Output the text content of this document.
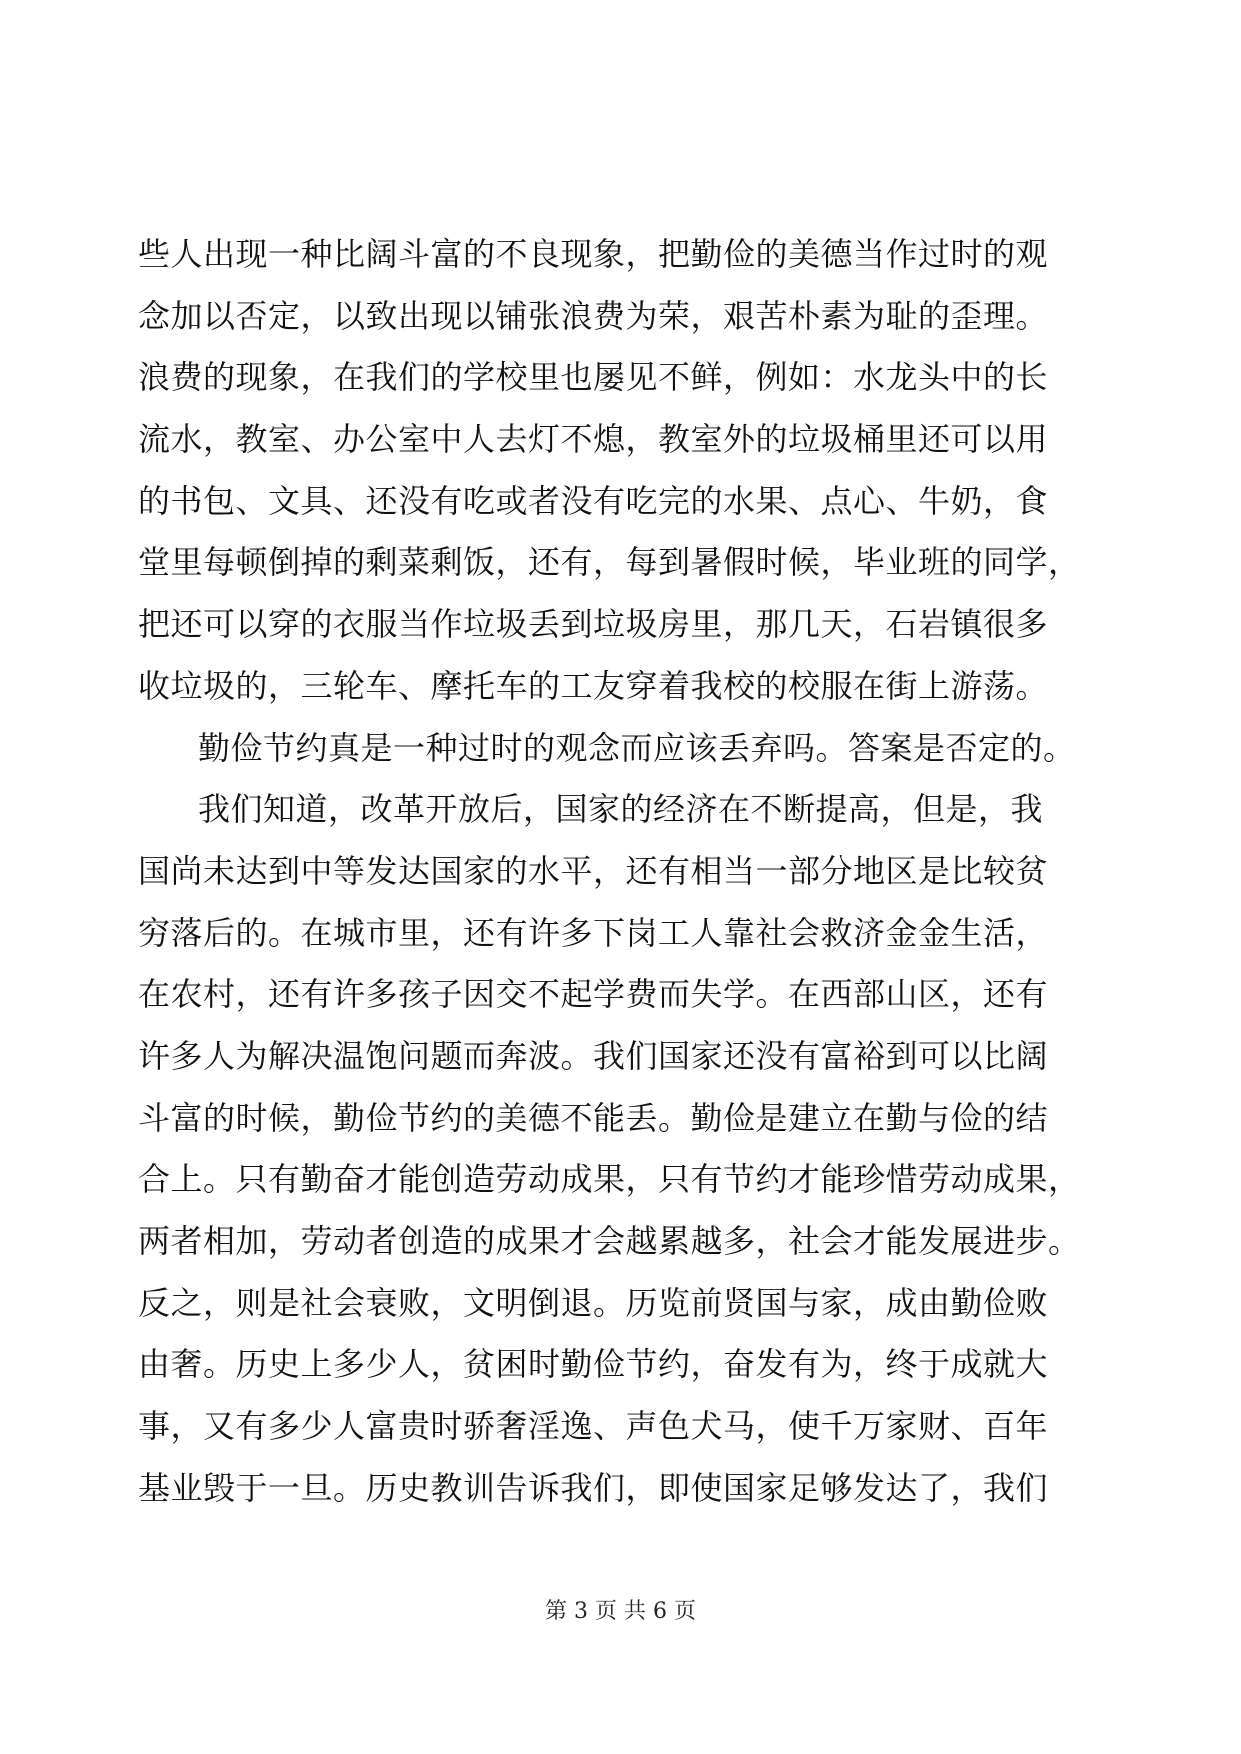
些人出现一种比阔斗富的不良现象，把勤俭的美德当作过时的观
念加以否定，以致出现以铺张浪费为荣，艰苦朴素为耻的歪理。
浪费的现象，在我们的学校里也屡见不鲜，例如：水龙头中的长
流水，教室、办公室中人去灯不熄，教室外的垃圾桶里还可以用
的书包、文具、还没有吃或者没有吃完的水果、点心、牛奶，食
堂里每顿倒掉的剩菜剩饭，还有，每到暑假时候，毕业班的同学，
把还可以穿的衣服当作垃圾丢到垃圾房里，那几天，石岩镇很多
收垃圾的，三轮车、摩托车的工友穿着我校的校服在街上游荡。
勤俭节约真是一种过时的观念而应该丢弃吗。答案是否定的。
我们知道，改革开放后，国家的经济在不断提高，但是，我
国尚未达到中等发达国家的水平，还有相当一部分地区是比较贫
穷落后的。在城市里，还有许多下岗工人靠社会救济金金生活，
在农村，还有许多孩子因交不起学费而失学。在西部山区，还有
许多人为解决温饱问题而奔波。我们国家还没有富裕到可以比阔
斗富的时候，勤俭节约的美德不能丢。勤俭是建立在勤与俭的结
合上。只有勤奋才能创造劳动成果，只有节约才能珍惜劳动成果，
两者相加，劳动者创造的成果才会越累越多，社会才能发展进步。
反之，则是社会衰败，文明倒退。历览前贤国与家，成由勤俭败
由奢。历史上多少人，贫困时勤俭节约，奋发有为，终于成就大
事，又有多少人富贵时骄奢淫逸、声色犬马，使千万家财、百年
基业毁于一旦。历史教训告诉我们，即使国家足够发达了，我们
第 3 页 共 6 页
